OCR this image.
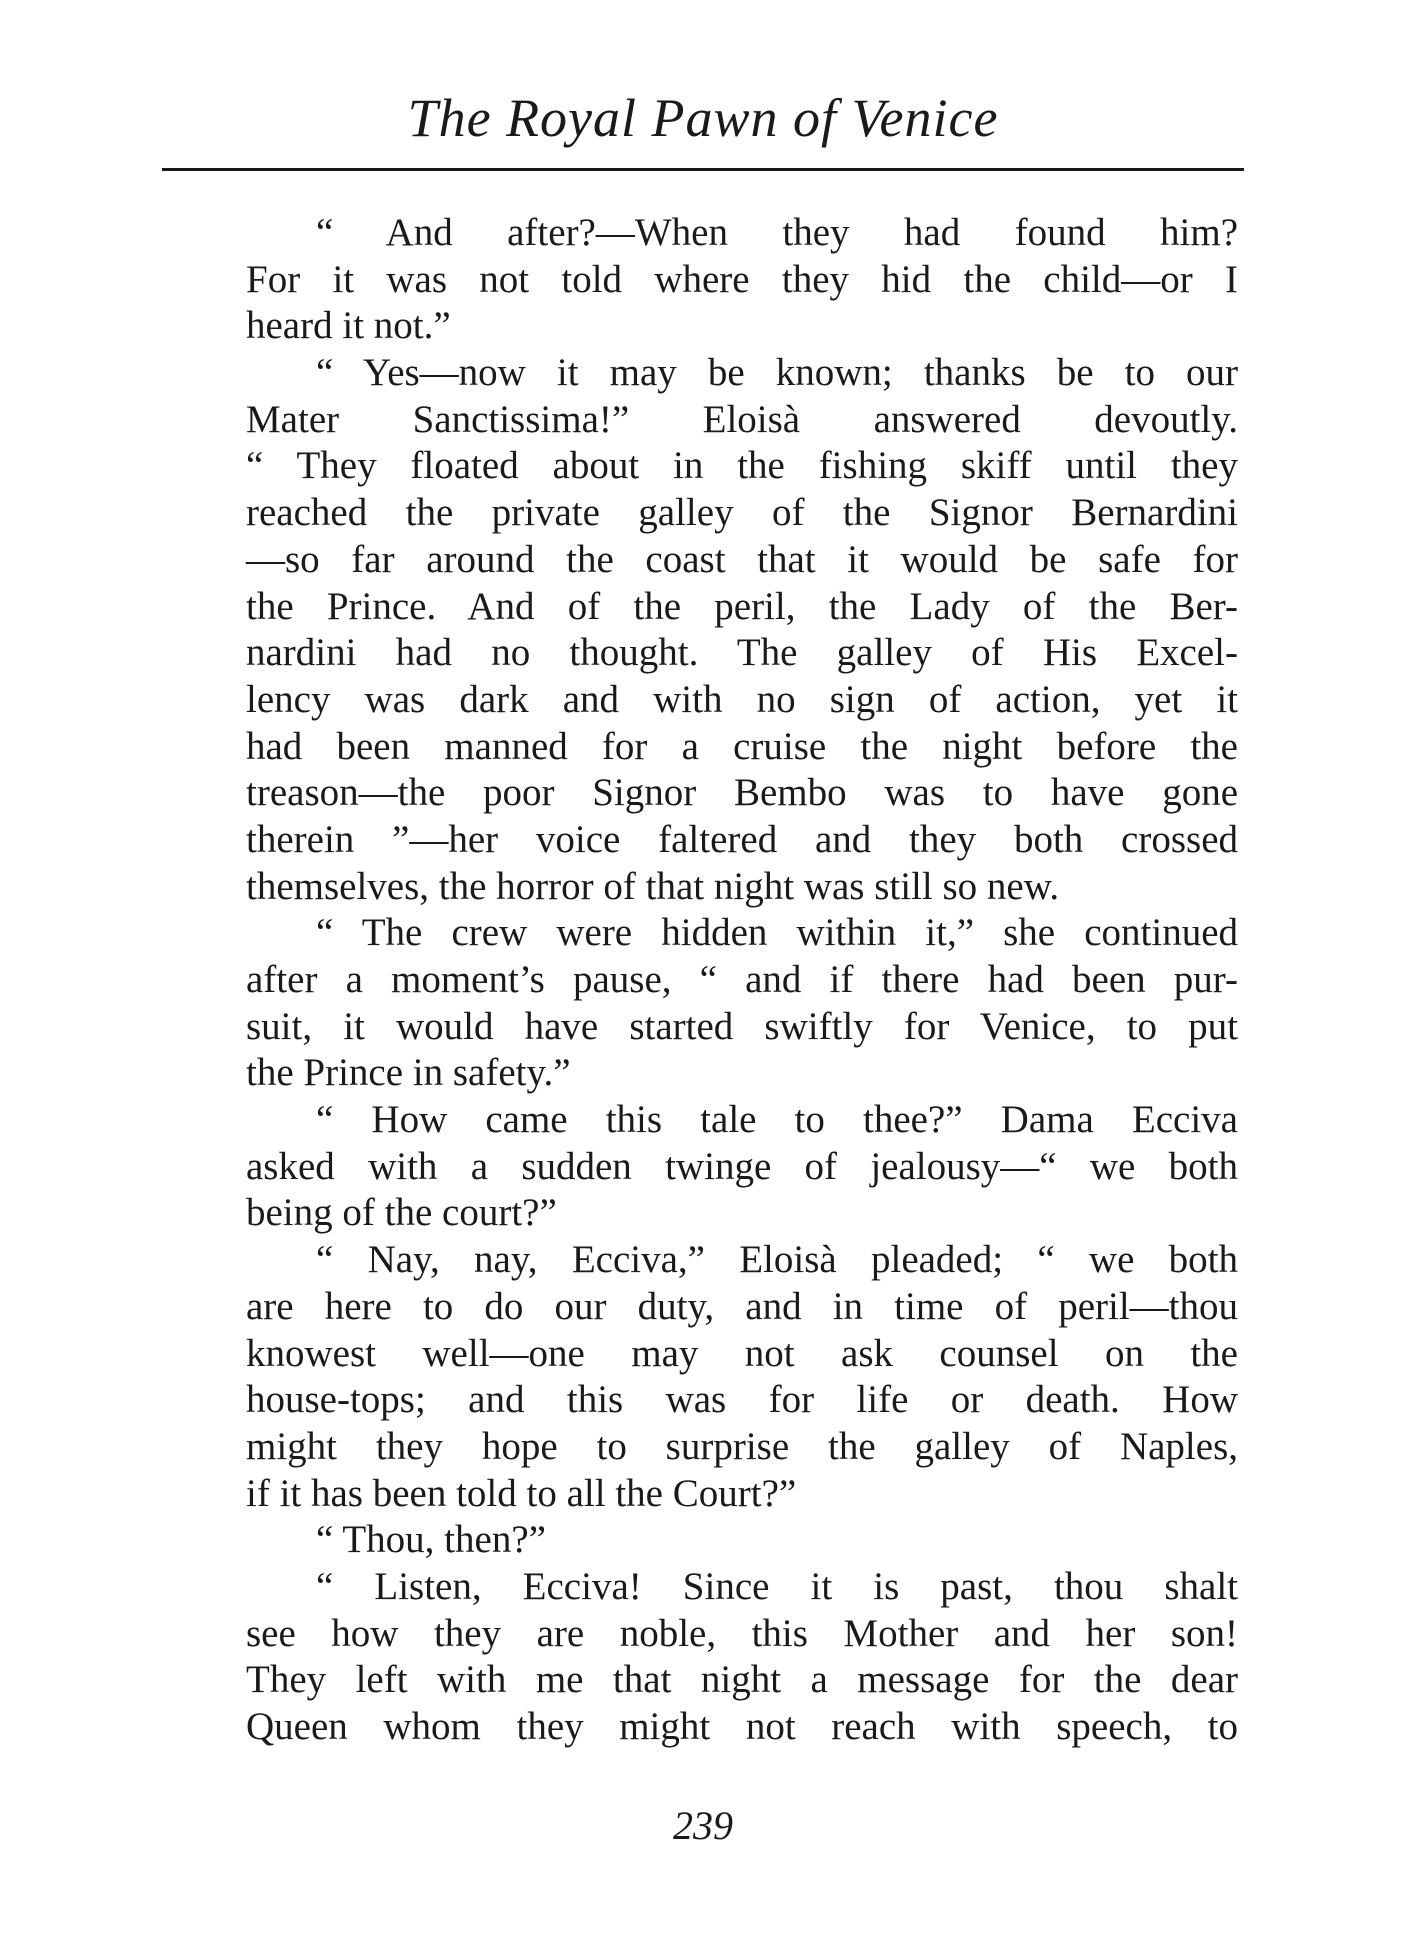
The Royal Pawn of Venice
“ And after?—When they had found him?
For it was not told where they hid the child—or I
heard it not.”
“ Yes—now it may be known; thanks be to our
Mater Sanctissima!” Eloisà answered devoutly.
“ They floated about in the fishing skiff until they
reached the private galley of the Signor Bernardini
—so far around the coast that it would be safe for
the Prince. And of the peril, the Lady of the Ber-
nardini had no thought. The galley of His Excel-
lency was dark and with no sign of action, yet it
had been manned for a cruise the night before the
treason—the poor Signor Bembo was to have gone
therein ”—her voice faltered and they both crossed
themselves, the horror of that night was still so new.
“ The crew were hidden within it,” she continued
after a moment’s pause, “ and if there had been pur-
suit, it would have started swiftly for Venice, to put
the Prince in safety.”
“ How came this tale to thee?” Dama Ecciva
asked with a sudden twinge of jealousy—“ we both
being of the court?”
“ Nay, nay, Ecciva,” Eloisà pleaded; “ we both
are here to do our duty, and in time of peril—thou
knowest well—one may not ask counsel on the
house-tops; and this was for life or death. How
might they hope to surprise the galley of Naples,
if it has been told to all the Court?”
“ Thou, then?”
“ Listen, Ecciva! Since it is past, thou shalt
see how they are noble, this Mother and her son!
They left with me that night a message for the dear
Queen whom they might not reach with speech, to
239
